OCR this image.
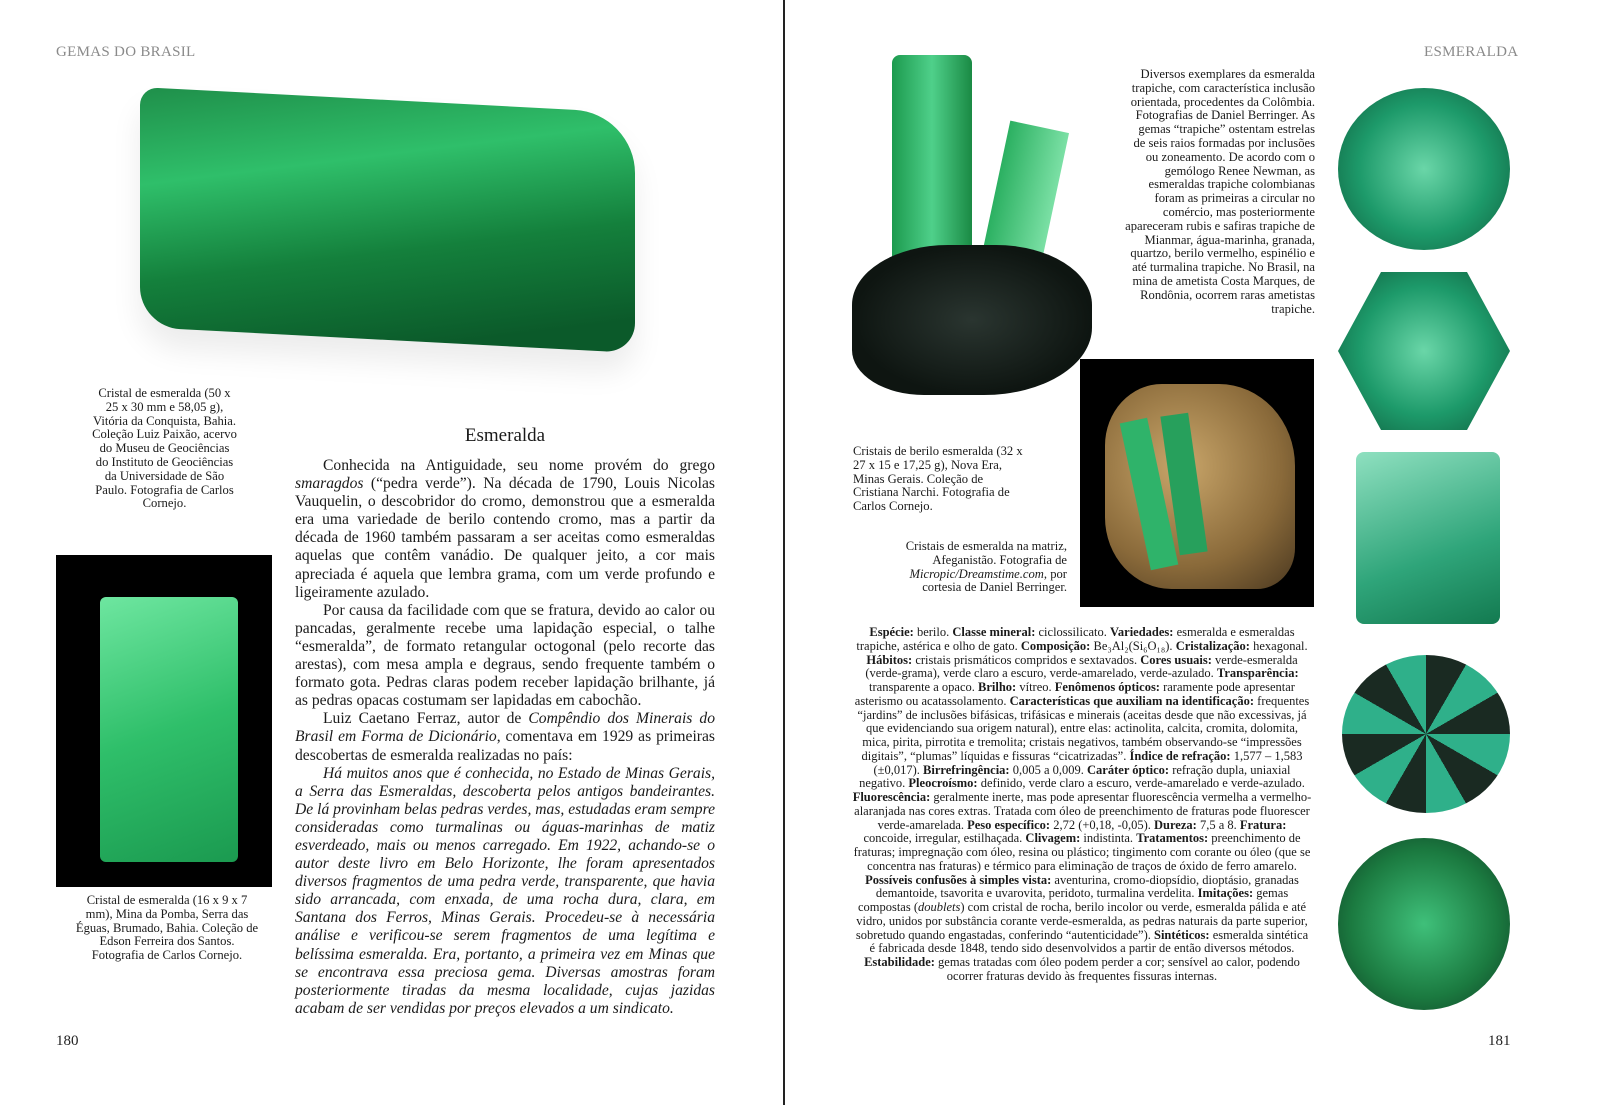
GEMAS DO BRASIL
180
Cristal de esmeralda (50 x 25 x 30 mm e 58,05 g), Vitória da Conquista, Bahia. Coleção Luiz Paixão, acervo do Museu de Geociências do Instituto de Geociências da Universidade de São Paulo. Fotografia de Carlos Cornejo.
Cristal de esmeralda (16 x 9 x 7 mm), Mina da Pomba, Serra das Éguas, Brumado, Bahia. Coleção de Edson Ferreira dos Santos. Fotografia de Carlos Cornejo.
Esmeralda

Conhecida na Antiguidade, seu nome provém do grego smaragdos (“pedra verde”). Na década de 1790, Louis Nicolas Vauquelin, o descobridor do cromo, demonstrou que a esmeralda era uma variedade de berilo contendo cromo, mas a partir da década de 1960 também passaram a ser aceitas como esmeraldas aquelas que contêm vanádio. De qualquer jeito, a cor mais apreciada é aquela que lembra grama, com um verde profundo e ligeiramente azulado.

Por causa da facilidade com que se fratura, devido ao calor ou pancadas, geralmente recebe uma lapidação especial, o talhe “esmeralda”, de formato retangular octogonal (pelo recorte das arestas), com mesa ampla e degraus, sendo frequente também o formato gota. Pedras claras podem receber lapidação brilhante, já as pedras opacas costumam ser lapidadas em cabochão.

Luiz Caetano Ferraz, autor de Compêndio dos Minerais do Brasil em Forma de Dicionário, comentava em 1929 as primeiras descobertas de esmeralda realizadas no país:

Há muitos anos que é conhecida, no Estado de Minas Gerais, a Serra das Esmeraldas, descoberta pelos antigos bandeirantes. De lá provinham belas pedras verdes, mas, estudadas eram sempre consideradas como turmalinas ou águas-marinhas de matiz esverdeado, mais ou menos carregado. Em 1922, achando-se o autor deste livro em Belo Horizonte, lhe foram apresentados diversos fragmentos de uma pedra verde, transparente, que havia sido arrancada, com enxada, de uma rocha dura, clara, em Santana dos Ferros, Minas Gerais. Procedeu-se à necessária análise e verificou-se serem fragmentos de uma legítima e belíssima esmeralda. Era, portanto, a primeira vez em Minas que se encontrava essa preciosa gema. Diversas amostras foram posteriormente tiradas da mesma localidade, cujas jazidas acabam de ser vendidas por preços elevados a um sindicato.

ESMERALDA
181
Cristais de berilo esmeralda (32 x 27 x 15 e 17,25 g), Nova Era, Minas Gerais. Coleção de Cristiana Narchi. Fotografia de Carlos Cornejo.
Cristais de esmeralda na matriz, Afeganistão. Fotografia de Micropic/Dreamstime.com, por cortesia de Daniel Berringer.
Diversos exemplares da esmeralda trapiche, com característica inclusão orientada, procedentes da Colômbia. Fotografias de Daniel Berringer. As gemas “trapiche” ostentam estrelas de seis raios formadas por inclusões ou zoneamento. De acordo com o gemólogo Renee Newman, as esmeraldas trapiche colombianas foram as primeiras a circular no comércio, mas posteriormente apareceram rubis e safiras trapiche de Mianmar, água-marinha, granada, quartzo, berilo vermelho, espinélio e até turmalina trapiche. No Brasil, na mina de ametista Costa Marques, de Rondônia, ocorrem raras ametistas trapiche.
Espécie: berilo. Classe mineral: ciclossilicato. Variedades: esmeralda e esmeraldas trapiche, astérica e olho de gato. Composição: Be₃Al₂(Si₆O₁₈). Cristalização: hexagonal. Hábitos: cristais prismáticos compridos e sextavados. Cores usuais: verde-esmeralda (verde-grama), verde claro a escuro, verde-amarelado, verde-azulado. Transparência: transparente a opaco. Brilho: vítreo. Fenômenos ópticos: raramente pode apresentar asterismo ou acatassolamento. Características que auxiliam na identificação: frequentes “jardins” de inclusões bifásicas, trifásicas e minerais (aceitas desde que não excessivas, já que evidenciando sua origem natural), entre elas: actinolita, calcita, cromita, dolomita, mica, pirita, pirrotita e tremolita; cristais negativos, também observando-se “impressões digitais”, “plumas” líquidas e fissuras “cicatrizadas”. Índice de refração: 1,577 – 1,583 (±0,017). Birrefringência: 0,005 a 0,009. Caráter óptico: refração dupla, uniaxial negativo. Pleocroísmo: definido, verde claro a escuro, verde-amarelado e verde-azulado. Fluorescência: geralmente inerte, mas pode apresentar fluorescência vermelha a vermelho-alaranjada nas cores extras. Tratada com óleo de preenchimento de fraturas pode fluorescer verde-amarelada. Peso específico: 2,72 (+0,18, -0,05). Dureza: 7,5 a 8. Fratura: concoide, irregular, estilhaçada. Clivagem: indistinta. Tratamentos: preenchimento de fraturas; impregnação com óleo, resina ou plástico; tingimento com corante ou óleo (que se concentra nas fraturas) e térmico para eliminação de traços de óxido de ferro amarelo. Possíveis confusões à simples vista: aventurina, cromo-diopsídio, dioptásio, granadas demantoide, tsavorita e uvarovita, peridoto, turmalina verdelita. Imitações: gemas compostas (doublets) com cristal de rocha, berilo incolor ou verde, esmeralda pálida e até vidro, unidos por substância corante verde-esmeralda, as pedras naturais da parte superior, sobretudo quando engastadas, conferindo “autenticidade”). Sintéticos: esmeralda sintética é fabricada desde 1848, tendo sido desenvolvidos a partir de então diversos métodos. Estabilidade: gemas tratadas com óleo podem perder a cor; sensível ao calor, podendo ocorrer fraturas devido às frequentes fissuras internas.
